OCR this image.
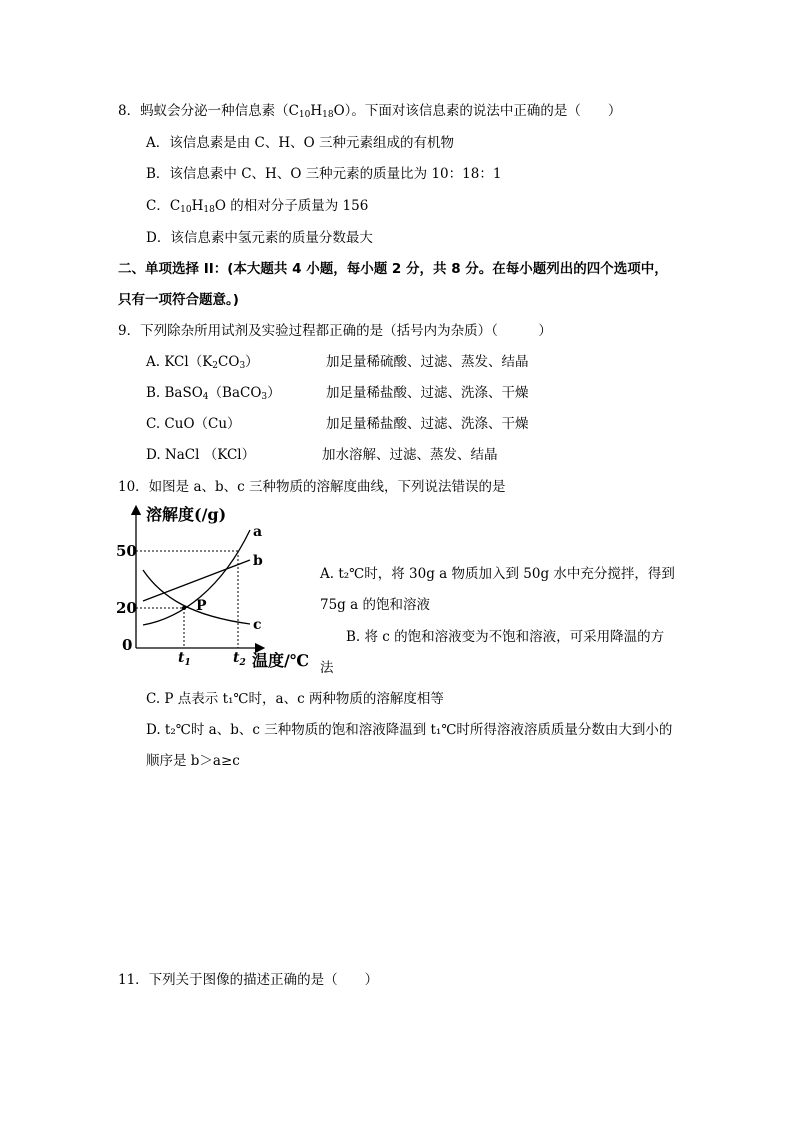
8．蚂蚁会分泌一种信息素$(C_{10}H_{18}O)$。下面对该信息素的说法中正确的是（　　）
A．该信息素是由 C、H、O 三种元素组成的有机物
B．该信息素中 C、H、O 三种元素的质量比为 10：18：1
C．$C_{10}H_{18}O$ 的相对分子质量为 156
D．该信息素中氢元素的质量分数最大
二、单项选择 II：(本大题共 4 小题，每小题 2 分，共 8 分。在每小题列出的四个选项中，
只有一项符合题意。)
9．下列除杂所用试剂及实验过程都正确的是（括号内为杂质）（　　　）
A. $KCl(K_2CO_3)$	加足量稀硫酸、过滤、蒸发、结晶
B. BaSO$_4$（BaCO$_3$）	加足量稀盐酸、过滤、洗涤、干燥
C. CuO（Cu）	加足量稀盐酸、过滤、洗涤、干燥
D. NaCl （KCl）	加水溶解、过滤、蒸发、结晶
10．如图是 a、b、c 三种物质的溶解度曲线，下列说法错误的是
溶解度(/g)
a
b
c
P
50
20
0
$t_1$	$t_2$ 温度/℃
A. t₂℃时，将 30g a 物质加入到 50g 水中充分搅拌，得到
75g a 的饱和溶液
B. 将 c 的饱和溶液变为不饱和溶液，可采用降温的方
法
C. P 点表示 t₁℃时，a、c 两种物质的溶解度相等
D. t₂℃时 a、b、c 三种物质的饱和溶液降温到 t₁℃时所得溶液溶质质量分数由大到小的
顺序是 b＞a≥c
11．下列关于图像的描述正确的是（　　）
